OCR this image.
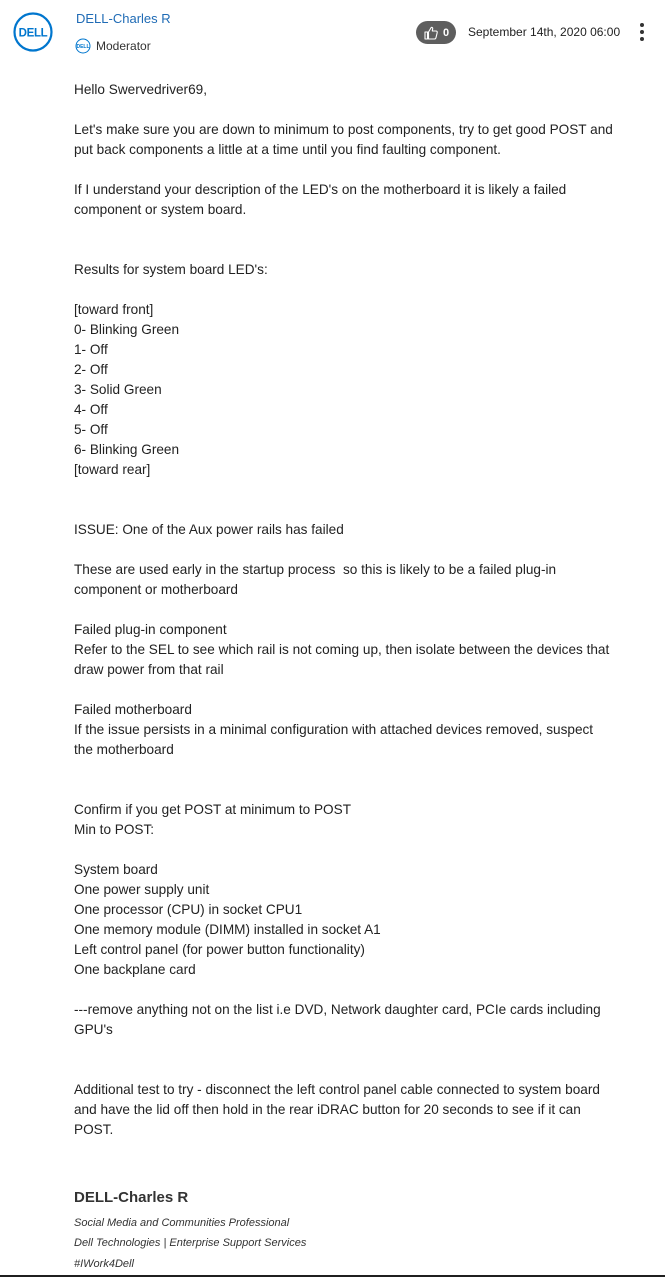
DELL
DELL-Charles R
DELL Moderator
0 September 14th, 2020 06:00
Hello Swervedriver69,
Let's make sure you are down to minimum to post components, try to get good POST and
put back components a little at a time until you find faulting component.
If I understand your description of the LED's on the motherboard it is likely a failed
component or system board.
Results for system board LED's:
[toward front]
0- Blinking Green
1- Off
2- Off
3- Solid Green
4- Off
5- Off
6- Blinking Green
[toward rear]
ISSUE: One of the Aux power rails has failed
These are used early in the startup process  so this is likely to be a failed plug-in
component or motherboard
Failed plug-in component
Refer to the SEL to see which rail is not coming up, then isolate between the devices that
draw power from that rail
Failed motherboard
If the issue persists in a minimal configuration with attached devices removed, suspect
the motherboard
Confirm if you get POST at minimum to POST
Min to POST:
System board
One power supply unit
One processor (CPU) in socket CPU1
One memory module (DIMM) installed in socket A1
Left control panel (for power button functionality)
One backplane card
---remove anything not on the list i.e DVD, Network daughter card, PCIe cards including
GPU's
Additional test to try - disconnect the left control panel cable connected to system board
and have the lid off then hold in the rear iDRAC button for 20 seconds to see if it can
POST.
DELL-Charles R
Social Media and Communities Professional
Dell Technologies | Enterprise Support Services
#IWork4Dell
